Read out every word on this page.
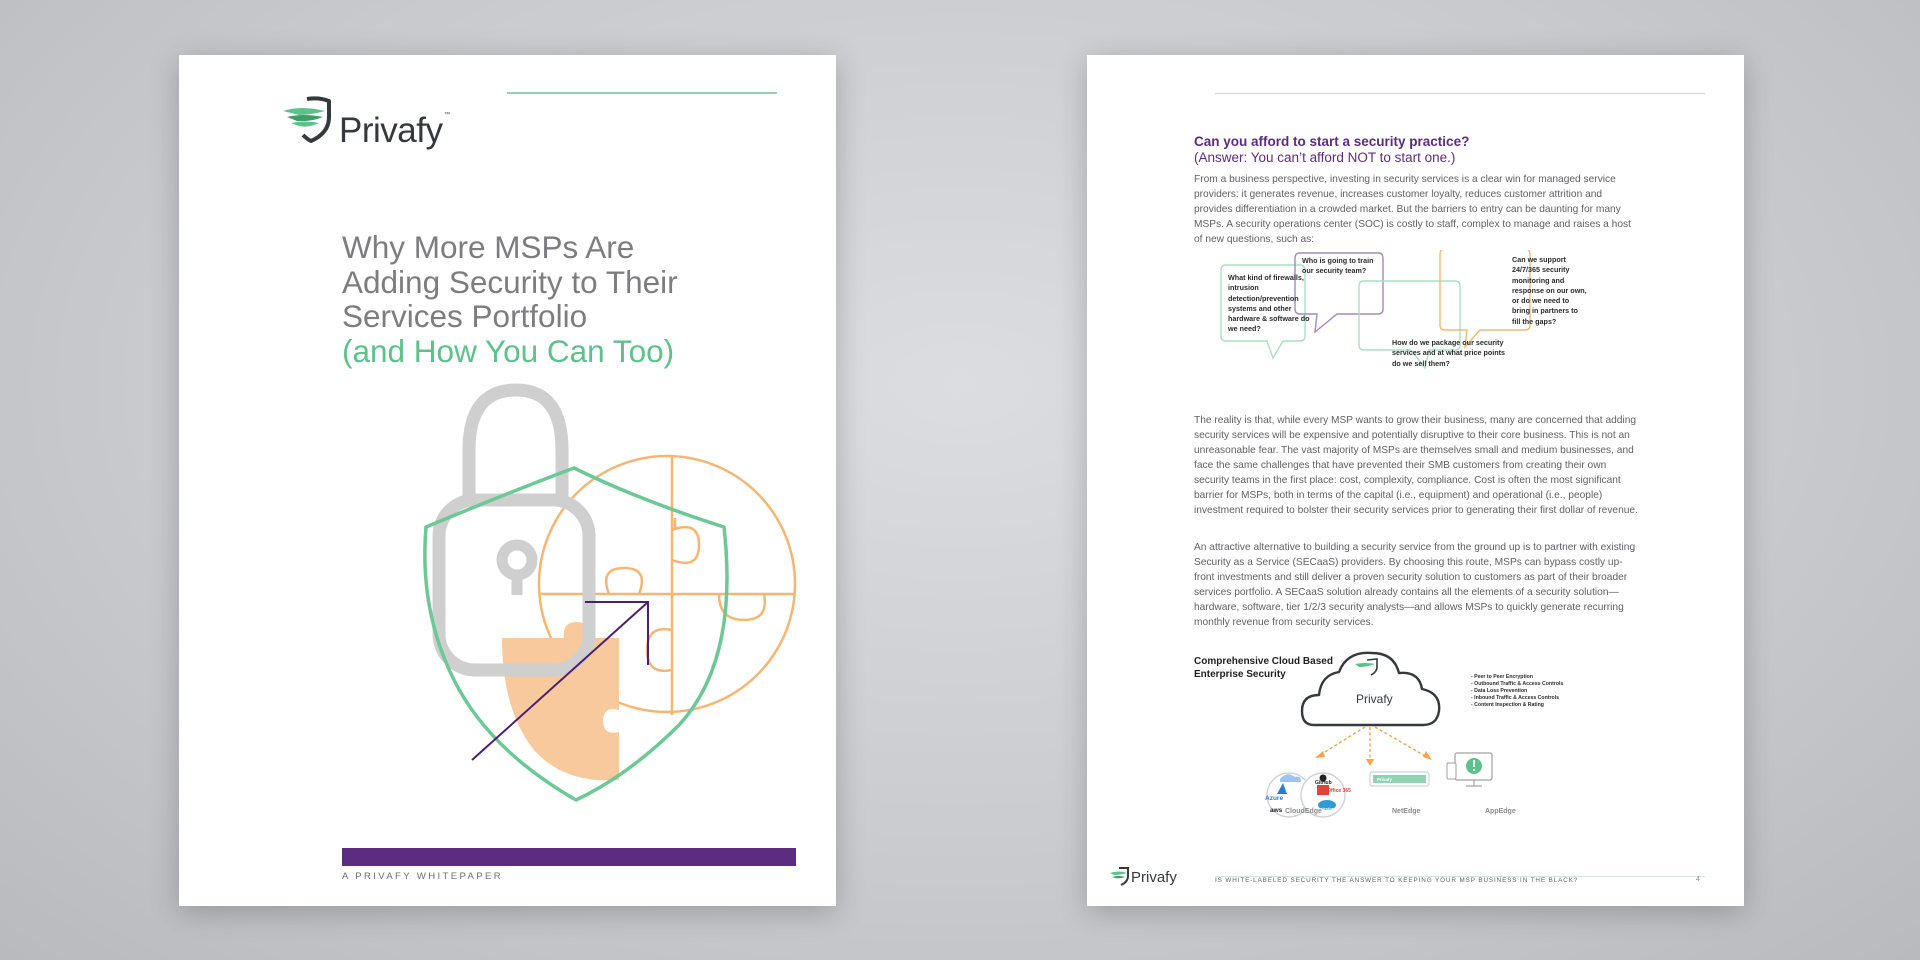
Privafy ™
Why More MSPs Are
Adding Security to Their
Services Portfolio
(and How You Can Too)
A PRIVAFY WHITEPAPER
Can you afford to start a security practice?
(Answer: You can’t afford NOT to start one.)

From a business perspective, investing in security services is a clear win for managed service providers: it generates revenue, increases customer loyalty, reduces customer attrition and provides differentiation in a crowded market. But the barriers to entry can be daunting for many MSPs. A security operations center (SOC) is costly to staff, complex to manage and raises a host of new questions, such as:

What kind of firewalls, intrusion detection/prevention systems and other hardware & software do we need?
Who is going to train our security team?
How do we package our security services and at what price points do we sell them?
Can we support 24/7/365 security monitoring and response on our own, or do we need to bring in partners to fill the gaps?

The reality is that, while every MSP wants to grow their business, many are concerned that adding security services will be expensive and potentially disruptive to their core business. This is not an unreasonable fear. The vast majority of MSPs are themselves small and medium businesses, and face the same challenges that have prevented their SMB customers from creating their own security teams in the first place: cost, complexity, compliance. Cost is often the most significant barrier for MSPs, both in terms of the capital (i.e., equipment) and operational (i.e., people) investment required to bolster their security services prior to generating their first dollar of revenue.

An attractive alternative to building a security service from the ground up is to partner with existing Security as a Service (SECaaS) providers. By choosing this route, MSPs can bypass costly up-front investments and still deliver a proven security solution to customers as part of their broader services portfolio. A SECaaS solution already contains all the elements of a security solution—hardware, software, tier 1/2/3 security analysts—and allows MSPs to quickly generate recurring monthly revenue from security services.

Comprehensive Cloud Based
Enterprise Security
Privafy
- Peer to Peer Encryption
- Outbound Traffic & Access Controls
- Data Loss Prevention
- Inbound Traffic & Access Controls
- Content Inspection & Rating
Azure
aws
GitHub
Office 365
salesforce
Privafy
CloudEdge	NetEdge	AppEdge
Privafy	IS WHITE-LABELED SECURITY THE ANSWER TO KEEPING YOUR MSP BUSINESS IN THE BLACK?	4
